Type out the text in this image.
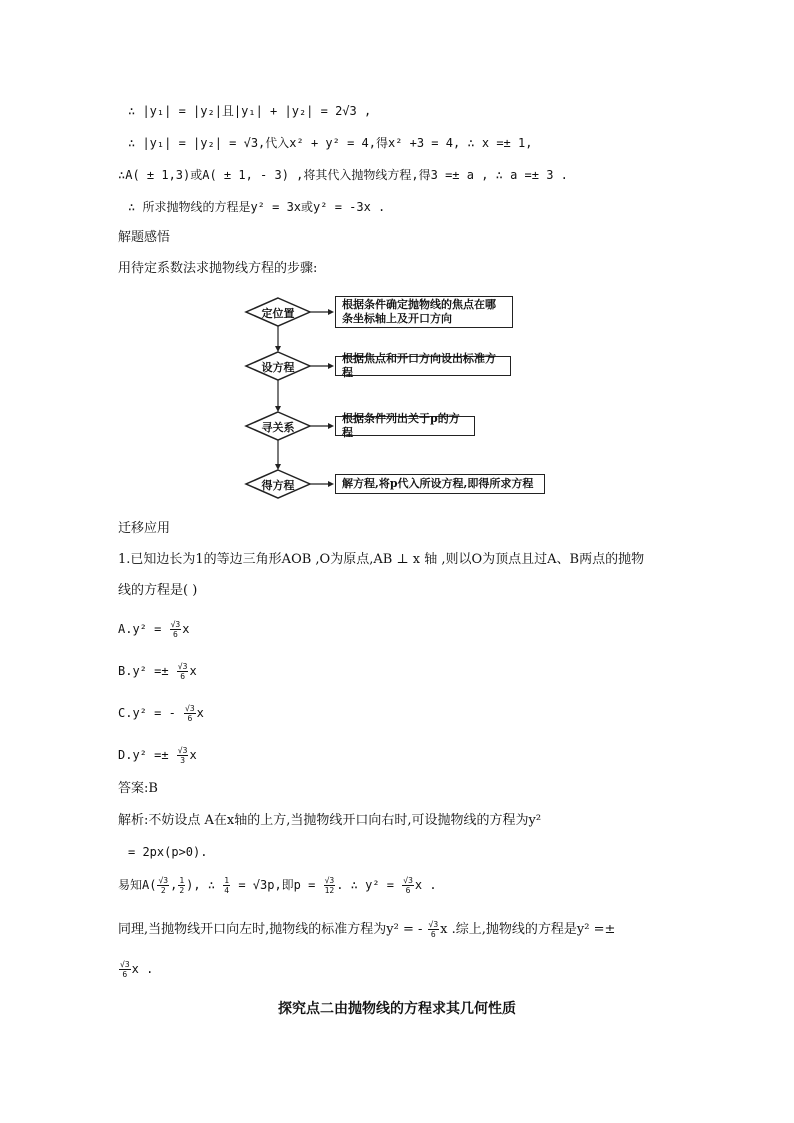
∴ |y₁| = |y₂|且|y₁| + |y₂| = 2√3 ,
∴ |y₁| = |y₂| = √3,代入x² + y² = 4,得x² +3 = 4, ∴ x =± 1,
∴A( ± 1,3)或A( ± 1, - 3) ,将其代入抛物线方程,得3 =± a , ∴ a =± 3 .
∴ 所求抛物线的方程是y² = 3x或y² = -3x .
解题感悟
用待定系数法求抛物线方程的步骤:
定位置
设方程
寻关系
得方程
根据条件确定抛物线的焦点在哪条坐标轴上及开口方向
根据焦点和开口方向设出标准方程
根据条件列出关于p的方程
解方程,将p代入所设方程,即得所求方程
迁移应用
1.已知边长为1的等边三角形AOB ,O为原点,AB ⊥ x 轴 ,则以O为顶点且过A、B两点的抛物
线的方程是( )
$A.y^2 = \frac{√3}{6}$ x
$B.y^2 =\pm \frac{√3}{6}$ x
C.y² = - $\frac{√3}{6}$ x
$D.y^2 =\pm \frac{√3}{3}$ x
答案:B
解析:不妨设点 A在x轴的上方,当抛物线开口向右时,可设抛物线的方程为y²
= 2px(p>0).
易知$A( \frac{√3}{2}$ , $\frac{1}{2}$ ), ∴ $\frac{1}{4} = √3p$,即$p = \frac{√3}{12}$ . ∴ $y^2 = \frac{√3}{6}$ x .
同理,当抛物线开口向左时,抛物线的标准方程为y² = - $\frac{√3}{6}$ x .综上,抛物线的方程是y² =±
$\frac{√3}{6}$ x .
探究点二由抛物线的方程求其几何性质
